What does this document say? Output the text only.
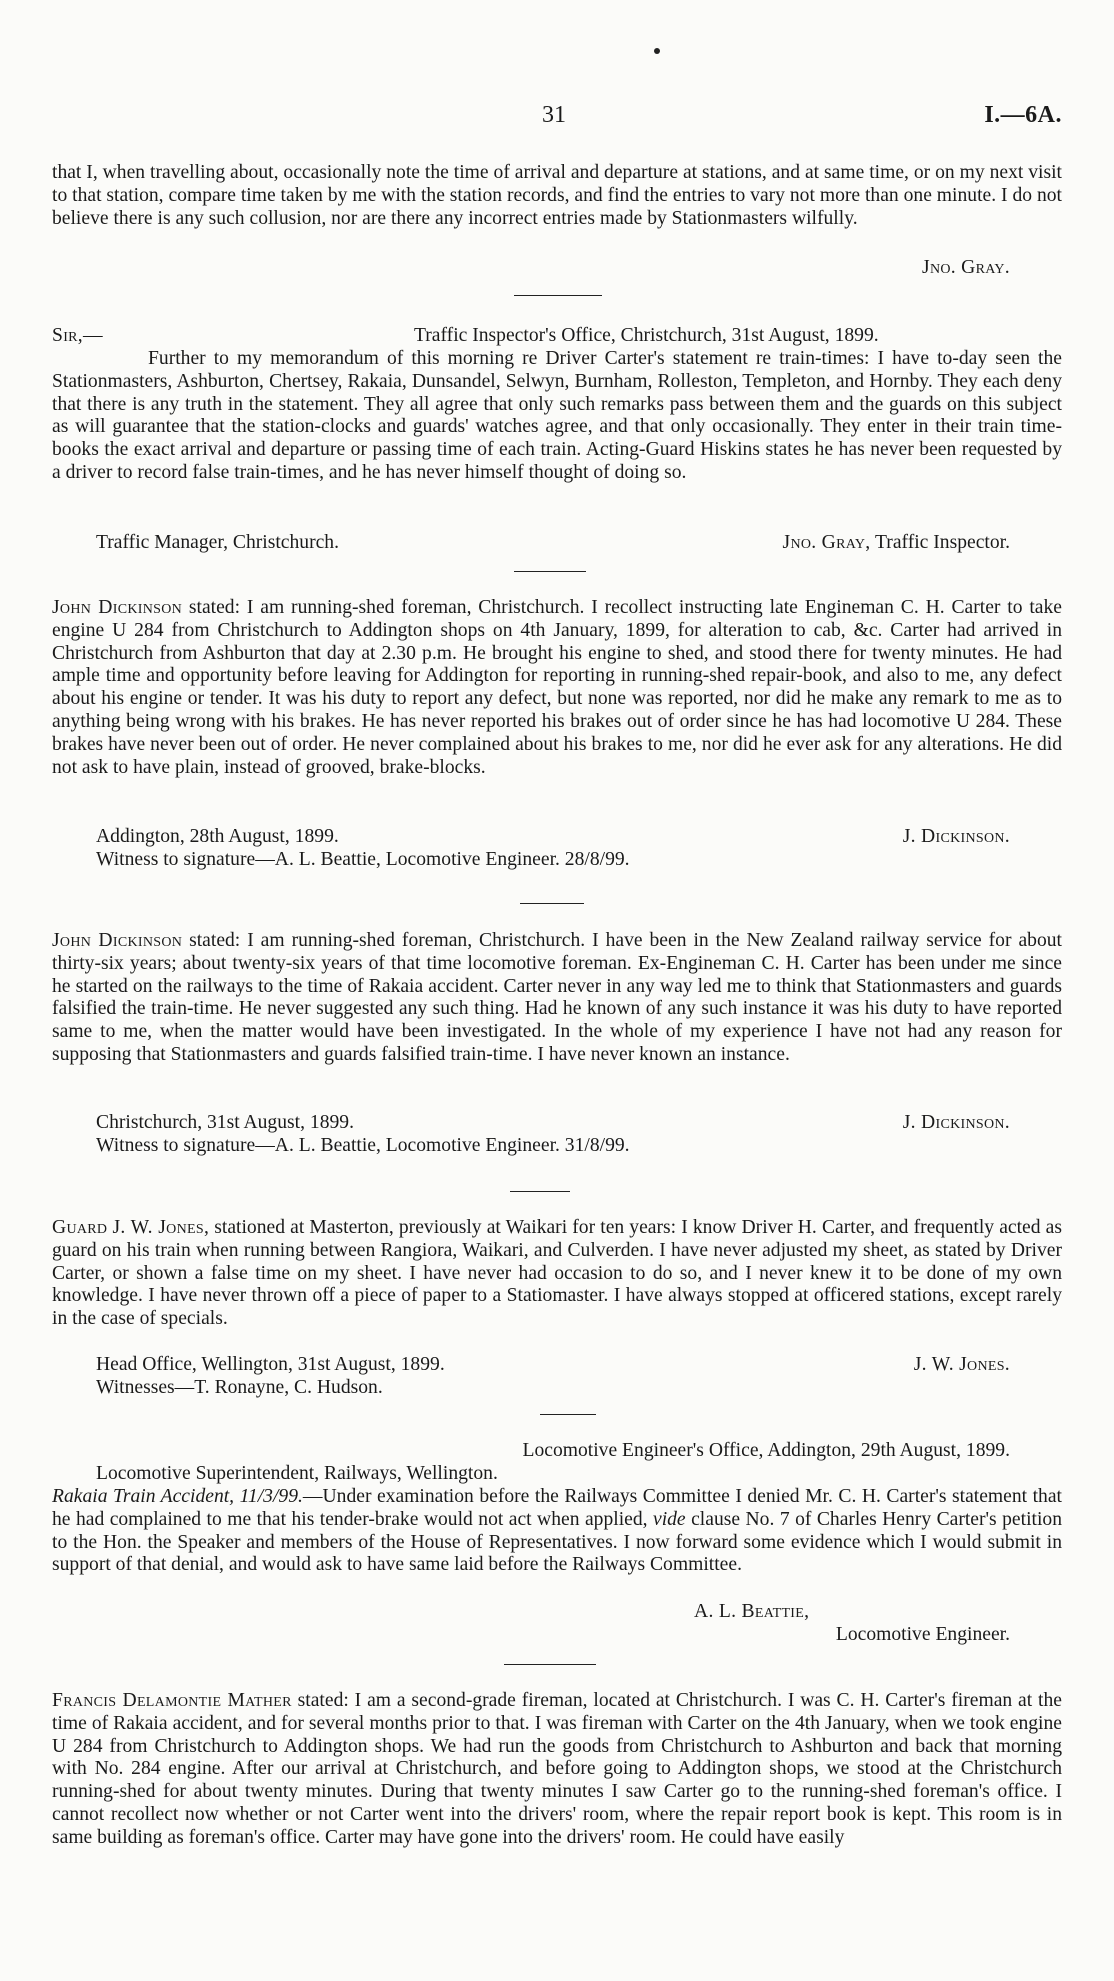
31	I.—6A.

that I, when travelling about, occasionally note the time of arrival and departure at stations, and at same time, or on my next visit to that station, compare time taken by me with the station records, and find the entries to vary not more than one minute. I do not believe there is any such collusion, nor are there any incorrect entries made by Stationmasters wilfully.

Jno. Gray.
Sir,—	Traffic Inspector's Office, Christchurch, 31st August, 1899.

Further to my memorandum of this morning re Driver Carter's statement re train-times: I have to-day seen the Stationmasters, Ashburton, Chertsey, Rakaia, Dunsandel, Selwyn, Burnham, Rolleston, Templeton, and Hornby. They each deny that there is any truth in the statement. They all agree that only such remarks pass between them and the guards on this subject as will guarantee that the station-clocks and guards' watches agree, and that only occasionally. They enter in their train time-books the exact arrival and departure or passing time of each train. Acting-Guard Hiskins states he has never been requested by a driver to record false train-times, and he has never himself thought of doing so.

Traffic Manager, Christchurch.	Jno. Gray, Traffic Inspector.

John Dickinson stated: I am running-shed foreman, Christchurch. I recollect instructing late Engineman C. H. Carter to take engine U 284 from Christchurch to Addington shops on 4th January, 1899, for alteration to cab, &c. Carter had arrived in Christchurch from Ashburton that day at 2.30 p.m. He brought his engine to shed, and stood there for twenty minutes. He had ample time and opportunity before leaving for Addington for reporting in running-shed repair-book, and also to me, any defect about his engine or tender. It was his duty to report any defect, but none was reported, nor did he make any remark to me as to anything being wrong with his brakes. He has never reported his brakes out of order since he has had locomotive U 284. These brakes have never been out of order. He never complained about his brakes to me, nor did he ever ask for any alterations. He did not ask to have plain, instead of grooved, brake-blocks.

Addington, 28th August, 1899.	J. Dickinson.
Witness to signature—A. L. Beattie, Locomotive Engineer. 28/8/99.

John Dickinson stated: I am running-shed foreman, Christchurch. I have been in the New Zealand railway service for about thirty-six years; about twenty-six years of that time locomotive foreman. Ex-Engineman C. H. Carter has been under me since he started on the railways to the time of Rakaia accident. Carter never in any way led me to think that Stationmasters and guards falsified the train-time. He never suggested any such thing. Had he known of any such instance it was his duty to have reported same to me, when the matter would have been investigated. In the whole of my experience I have not had any reason for supposing that Stationmasters and guards falsified train-time. I have never known an instance.

Christchurch, 31st August, 1899.	J. Dickinson.
Witness to signature—A. L. Beattie, Locomotive Engineer. 31/8/99.

Guard J. W. Jones, stationed at Masterton, previously at Waikari for ten years: I know Driver H. Carter, and frequently acted as guard on his train when running between Rangiora, Waikari, and Culverden. I have never adjusted my sheet, as stated by Driver Carter, or shown a false time on my sheet. I have never had occasion to do so, and I never knew it to be done of my own knowledge. I have never thrown off a piece of paper to a Statiomaster. I have always stopped at officered stations, except rarely in the case of specials.

Head Office, Wellington, 31st August, 1899.	J. W. Jones.
Witnesses—T. Ronayne, C. Hudson.
Locomotive Engineer's Office, Addington, 29th August, 1899.
Locomotive Superintendent, Railways, Wellington.

Rakaia Train Accident, 11/3/99.—Under examination before the Railways Committee I denied Mr. C. H. Carter's statement that he had complained to me that his tender-brake would not act when applied, vide clause No. 7 of Charles Henry Carter's petition to the Hon. the Speaker and members of the House of Representatives. I now forward some evidence which I would submit in support of that denial, and would ask to have same laid before the Railways Committee.

A. L. Beattie,
Locomotive Engineer.

Francis Delamontie Mather stated: I am a second-grade fireman, located at Christchurch. I was C. H. Carter's fireman at the time of Rakaia accident, and for several months prior to that. I was fireman with Carter on the 4th January, when we took engine U 284 from Christchurch to Addington shops. We had run the goods from Christchurch to Ashburton and back that morning with No. 284 engine. After our arrival at Christchurch, and before going to Addington shops, we stood at the Christchurch running-shed for about twenty minutes. During that twenty minutes I saw Carter go to the running-shed foreman's office. I cannot recollect now whether or not Carter went into the drivers' room, where the repair report book is kept. This room is in same building as foreman's office. Carter may have gone into the drivers' room. He could have easily
